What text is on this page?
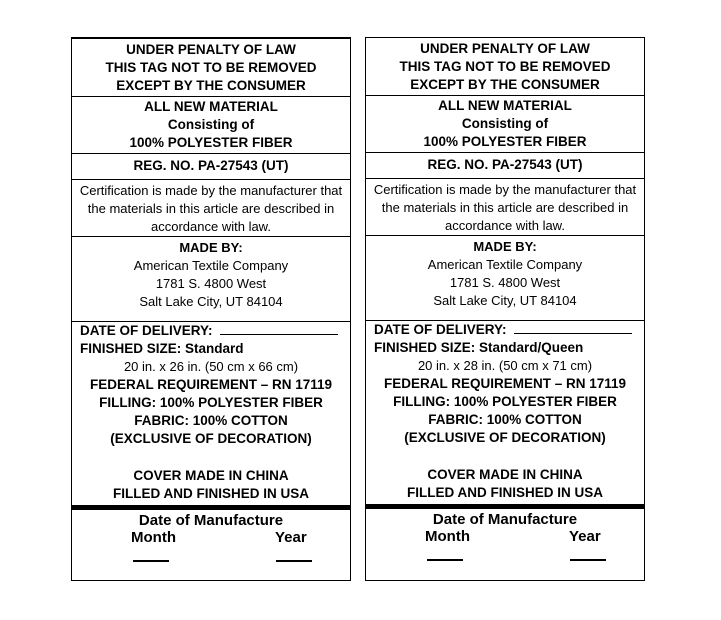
UNDER PENALTY OF LAW
THIS TAG NOT TO BE REMOVED
EXCEPT BY THE CONSUMER
ALL NEW MATERIAL
Consisting of
100% POLYESTER FIBER
REG. NO. PA-27543 (UT)
Certification is made by the manufacturer that
the materials in this article are described in
accordance with law.
MADE BY:
American Textile Company
1781 S. 4800 West
Salt Lake City, UT 84104
DATE OF DELIVERY:
FINISHED SIZE: Standard
20 in. x 26 in. (50 cm x 66 cm)
FEDERAL REQUIREMENT – RN 17119
FILLING: 100% POLYESTER FIBER
FABRIC: 100% COTTON
(EXCLUSIVE OF DECORATION)
COVER MADE IN CHINA
FILLED AND FINISHED IN USA
Date of Manufacture
Month	Year
UNDER PENALTY OF LAW
THIS TAG NOT TO BE REMOVED
EXCEPT BY THE CONSUMER
ALL NEW MATERIAL
Consisting of
100% POLYESTER FIBER
REG. NO. PA-27543 (UT)
Certification is made by the manufacturer that
the materials in this article are described in
accordance with law.
MADE BY:
American Textile Company
1781 S. 4800 West
Salt Lake City, UT 84104
DATE OF DELIVERY:
FINISHED SIZE: Standard/Queen
20 in. x 28 in. (50 cm x 71 cm)
FEDERAL REQUIREMENT – RN 17119
FILLING: 100% POLYESTER FIBER
FABRIC: 100% COTTON
(EXCLUSIVE OF DECORATION)
COVER MADE IN CHINA
FILLED AND FINISHED IN USA
Date of Manufacture
Month	Year
